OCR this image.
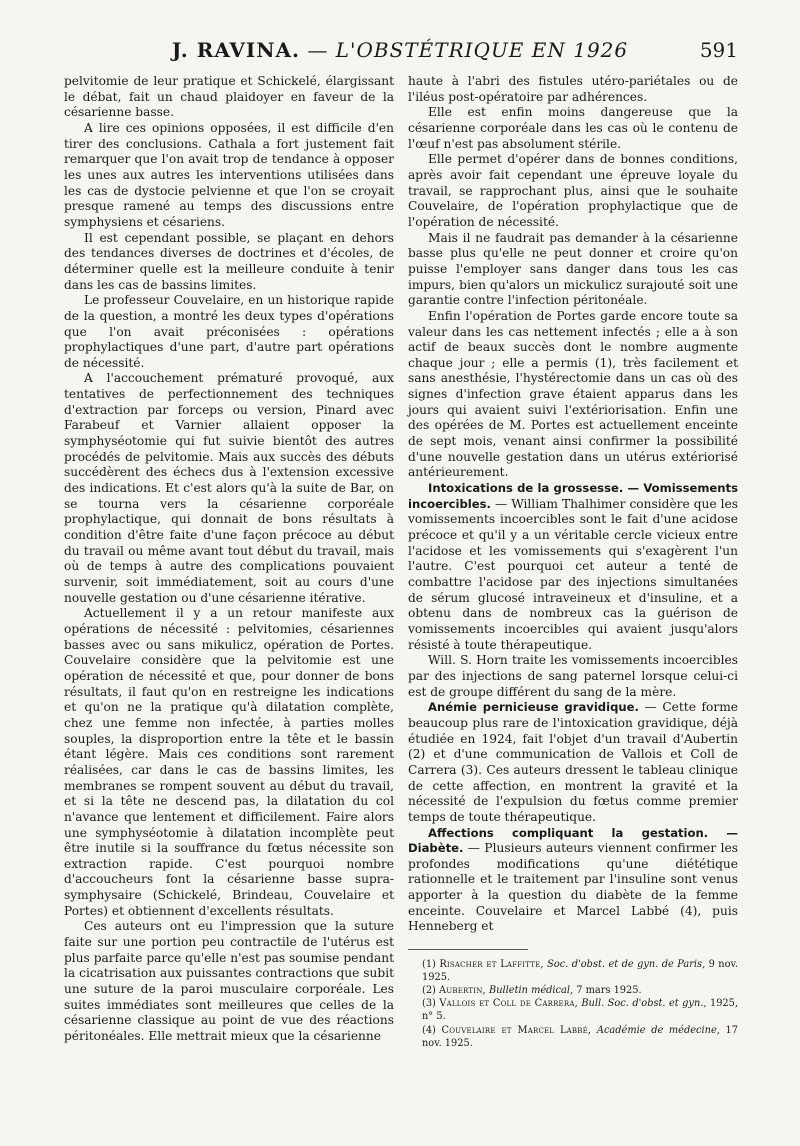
J. RAVINA. — L'OBSTÉTRIQUE EN 1926	591

pelvitomie de leur pratique et Schickelé, élargissant le débat, fait un chaud plaidoyer en faveur de la césarienne basse.

A lire ces opinions opposées, il est difficile d'en tirer des conclusions. Cathala a fort justement fait remarquer que l'on avait trop de tendance à opposer les unes aux autres les interventions utilisées dans les cas de dystocie pelvienne et que l'on se croyait presque ramené au temps des discussions entre symphysiens et césariens.

Il est cependant possible, se plaçant en dehors des tendances diverses de doctrines et d'écoles, de déterminer quelle est la meilleure conduite à tenir dans les cas de bassins limites.

Le professeur Couvelaire, en un historique rapide de la question, a montré les deux types d'opérations que l'on avait préconisées : opérations prophylactiques d'une part, d'autre part opérations de nécessité.

A l'accouchement prématuré provoqué, aux tentatives de perfectionnement des techniques d'extraction par forceps ou version, Pinard avec Farabeuf et Varnier allaient opposer la symphyséotomie qui fut suivie bientôt des autres procédés de pelvitomie. Mais aux succès des débuts succédèrent des échecs dus à l'extension excessive des indications. Et c'est alors qu'à la suite de Bar, on se tourna vers la césarienne corporéale prophylactique, qui donnait de bons résultats à condition d'être faite d'une façon précoce au début du travail ou même avant tout début du travail, mais où de temps à autre des complications pouvaient survenir, soit immédiatement, soit au cours d'une nouvelle gestation ou d'une césarienne itérative.

Actuellement il y a un retour manifeste aux opérations de nécessité : pelvitomies, césariennes basses avec ou sans mikulicz, opération de Portes. Couvelaire considère que la pelvitomie est une opération de nécessité et que, pour donner de bons résultats, il faut qu'on en restreigne les indications et qu'on ne la pratique qu'à dilatation complète, chez une femme non infectée, à parties molles souples, la disproportion entre la tête et le bassin étant légère. Mais ces conditions sont rarement réalisées, car dans le cas de bassins limites, les membranes se rompent souvent au début du travail, et si la tête ne descend pas, la dilatation du col n'avance que lentement et difficilement. Faire alors une symphyséotomie à dilatation incomplète peut être inutile si la souffrance du fœtus nécessite son extraction rapide. C'est pourquoi nombre d'accoucheurs font la césarienne basse supra-symphysaire (Schickelé, Brindeau, Couvelaire et Portes) et obtiennent d'excellents résultats.

Ces auteurs ont eu l'impression que la suture faite sur une portion peu contractile de l'utérus est plus parfaite parce qu'elle n'est pas soumise pendant la cicatrisation aux puissantes contractions que subit une suture de la paroi musculaire corporéale. Les suites immédiates sont meilleures que celles de la césarienne classique au point de vue des réactions péritonéales. Elle mettrait mieux que la césarienne

haute à l'abri des fistules utéro-pariétales ou de l'iléus post-opératoire par adhérences.

Elle est enfin moins dangereuse que la césarienne corporéale dans les cas où le contenu de l'œuf n'est pas absolument stérile.

Elle permet d'opérer dans de bonnes conditions, après avoir fait cependant une épreuve loyale du travail, se rapprochant plus, ainsi que le souhaite Couvelaire, de l'opération prophylactique que de l'opération de nécessité.

Mais il ne faudrait pas demander à la césarienne basse plus qu'elle ne peut donner et croire qu'on puisse l'employer sans danger dans tous les cas impurs, bien qu'alors un mickulicz surajouté soit une garantie contre l'infection péritonéale.

Enfin l'opération de Portes garde encore toute sa valeur dans les cas nettement infectés ; elle a à son actif de beaux succès dont le nombre augmente chaque jour ; elle a permis (1), très facilement et sans anesthésie, l'hystérectomie dans un cas où des signes d'infection grave étaient apparus dans les jours qui avaient suivi l'extériorisation. Enfin une des opérées de M. Portes est actuellement enceinte de sept mois, venant ainsi confirmer la possibilité d'une nouvelle gestation dans un utérus extériorisé antérieurement.

Intoxications de la grossesse. — Vomissements incoercibles. — William Thalhimer considère que les vomissements incoercibles sont le fait d'une acidose précoce et qu'il y a un véritable cercle vicieux entre l'acidose et les vomissements qui s'exagèrent l'un l'autre. C'est pourquoi cet auteur a tenté de combattre l'acidose par des injections simultanées de sérum glucosé intraveineux et d'insuline, et a obtenu dans de nombreux cas la guérison de vomissements incoercibles qui avaient jusqu'alors résisté à toute thérapeutique.

Will. S. Horn traite les vomissements incoercibles par des injections de sang paternel lorsque celui-ci est de groupe différent du sang de la mère.

Anémie pernicieuse gravidique. — Cette forme beaucoup plus rare de l'intoxication gravidique, déjà étudiée en 1924, fait l'objet d'un travail d'Aubertin (2) et d'une communication de Vallois et Coll de Carrera (3). Ces auteurs dressent le tableau clinique de cette affection, en montrent la gravité et la nécessité de l'expulsion du fœtus comme premier temps de toute thérapeutique.

Affections compliquant la gestation. — Diabète. — Plusieurs auteurs viennent confirmer les profondes modifications qu'une diététique rationnelle et le traitement par l'insuline sont venus apporter à la question du diabète de la femme enceinte. Couvelaire et Marcel Labbé (4), puis Henneberg et

(1) Risacher et Laffitte, Soc. d'obst. et de gyn. de Paris, 9 nov. 1925.
(2) Aubertin, Bulletin médical, 7 mars 1925.
(3) Vallois et Coll de Carrera, Bull. Soc. d'obst. et gyn., 1925, n° 5.
(4) Couvelaire et Marcel Labbé, Académie de médecine, 17 nov. 1925.
